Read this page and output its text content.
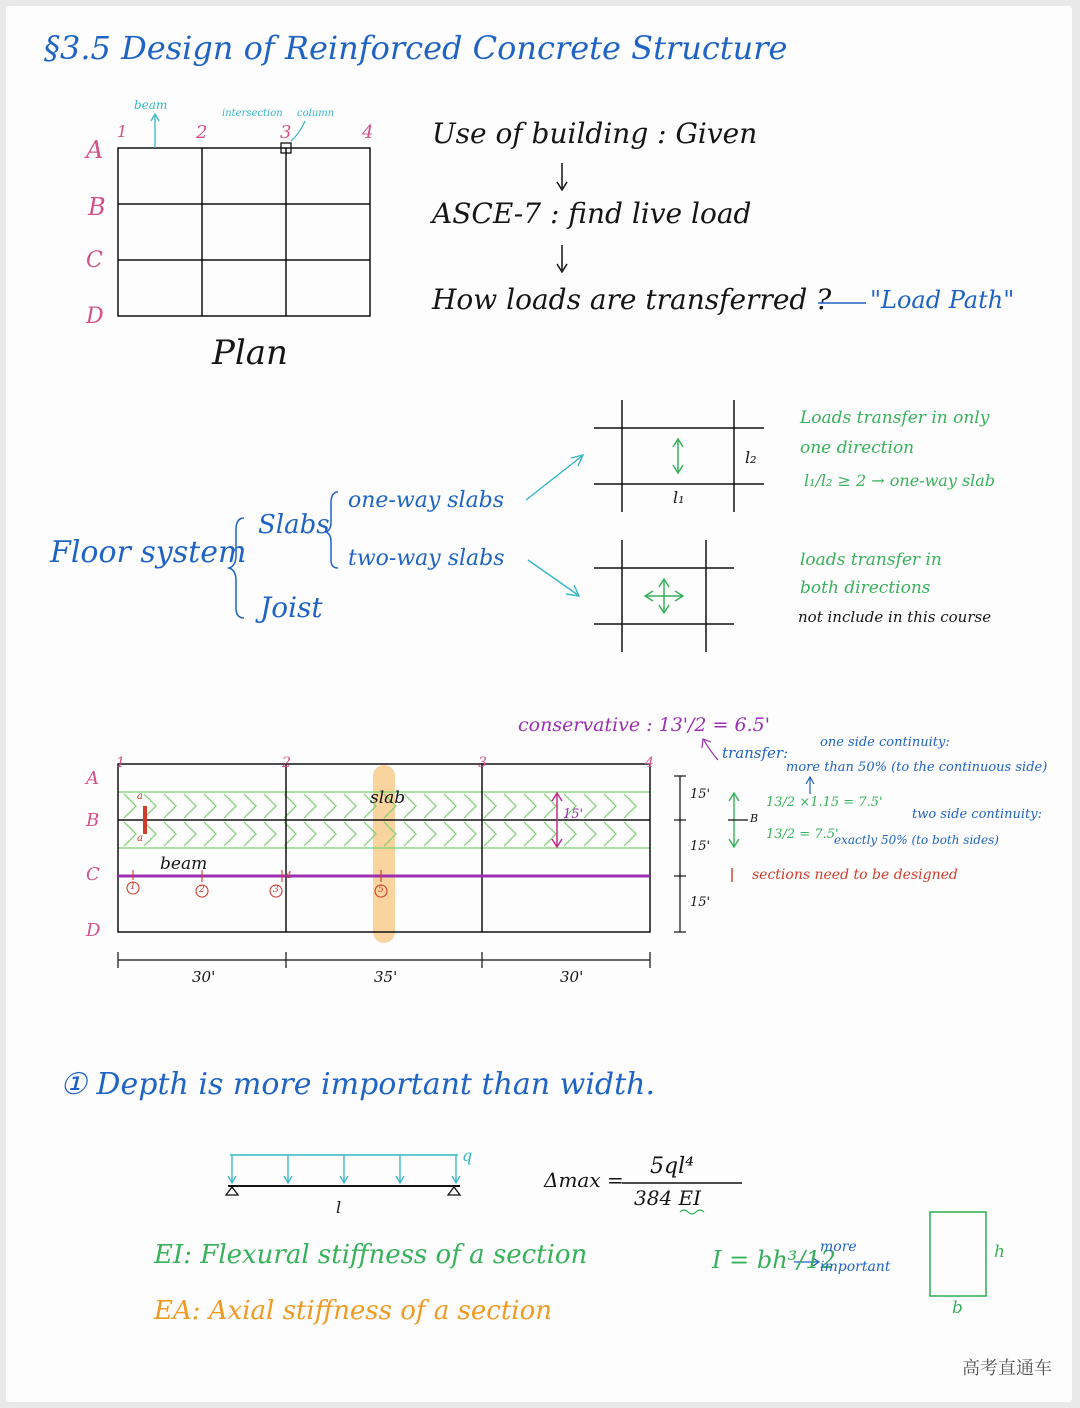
§3.5 Design of Reinforced Concrete Structure
1	2	3	4
A
B
C
D
beam
intersection column
Plan
Use of building : Given
ASCE-7 : find live load
How loads are transferred ? "Load Path"
Floor system
Slabs
Joist
one-way slabs
two-way slabs
l₂
l₁
Loads transfer in only
one direction
l₁/l₂ ≥ 2 → one-way slab
loads transfer in
both directions
not include in this course
1	2	3	4
A
B
C
D
slab
beam
15'
a
a
1	2	3
4
5
15'
15'
15'
30'	35'	30'
conservative : 13'/2 = 6.5'
transfer:
one side continuity:
more than 50% (to the continuous side)
13/2 ×1.15 = 7.5'
13/2 = 7.5'
B	two side continuity:
exactly 50% (to both sides)
sections need to be designed
① Depth is more important than width.
q
l
Δmax =
5ql⁴
384 EI
EI: Flexural stiffness of a section
EA: Axial stiffness of a section
I = bh³/12
more important
h
b
高考直通车
